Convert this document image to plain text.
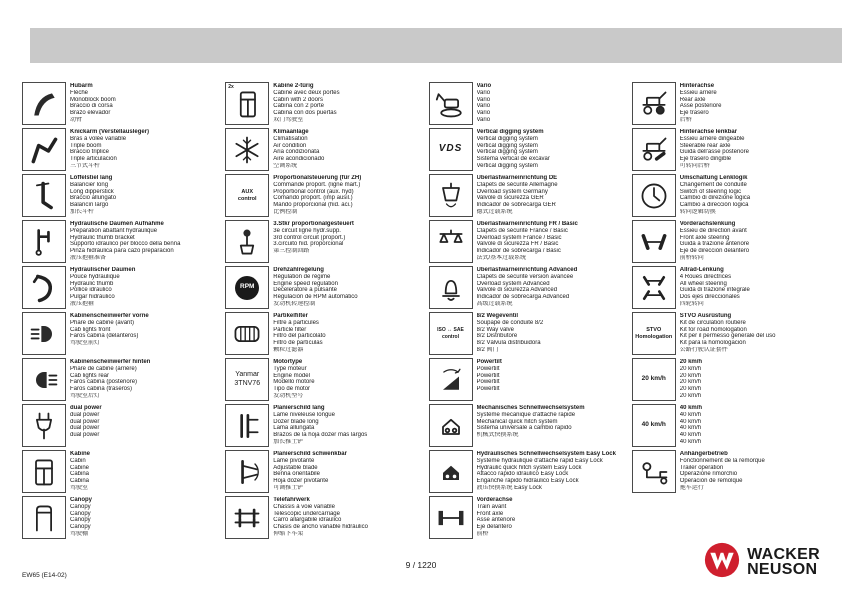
Hubarm
Flèche
Monoblock boom
Braccio di corsa
Brazo elevador
动臂
Knickarm (Verstellausleger)
Bras à volée variable
Triple boom
Braccio triplice
Triple articulación
三节式斗杆
Löffelstiel lang
Balancier long
Long dipperstick
Braccio allungato
Balancín largo
加长斗杆
Hydraulische Daumen Aufnahme
Préparation abattant hydraulique
Hydraulic thumb bracket
Supporto idraulico per blocco della benna
Pinza hidráulica para cazo preparación
液压抱箍准备
Hydraulischer Daumen
Pouce hydraulique
Hydraulic thumb
Pollice idraulico
Pulgar hidráulico
液压抱箍
Kabinenscheinwerfer vorne
Phare de cabine (avant)
Cab lights front
Faros cabina (delanteros)
驾驶室前灯
Kabinenscheinwerfer hinten
Phare de cabine (arrière)
Cab lights rear
Faros cabina (posteriore)
Faros cabina (traseros)
驾驶室后灯
dual power
dual power
dual power
dual power
dual power
Kabine
Cabin
Cabine
Cabina
Cabina
驾驶室
Canopy
Canopy
Canopy
Canopy
Canopy
驾驶棚
2x	Kabine 2-türig
Cabine avec deux portes
Cabin with 2 doors
Cabina con 2 porte
Cabina con dos puertas
双门驾驶室
Klimaanlage
Climatisation
Air condition
Aria condizionata
Aire acondicionado
空调系统
AUX
control
Proportionalsteuerung (für ZH)
Commande proport. (ligne mart.)
Proportional control (aux. hyd)
Comando proport. (imp ausil.)
Mando proporcional (hid. aci.)
比例控制
3.Stkr proportionalgesteuert
3e circuit ligne hydr.supp.
3rd control circuit (proport.)
3.circuito hid. proporcional
第三控制回路
RPM
Drehzahlregelung
Régulation de régime
Engine speed regulation
Deceleratore a pulsante
Regulación de RPM automático
发动机转速控制
Partikelfilter
Filtre à particules
Particle filter
Filtro del particolato
Filtro de partículas
颗粒过滤器
Yanmar
3TNV76
Motortype
Type moteur
Engine model
Modello motore
Tipo de motor
发动机型号
Planierschild lang
Lame niveleuse longue
Dozer blade long
Lama allungata
Brazos de la hoja dozer más largos
加长推土铲
Planierschild schwenkbar
Lame pivotante
Adjustable blade
Benna orientabile
Hoja dozer pivotante
可调推土铲
Telefahrwerk
Chassis à voie variable
Telescopic undercarriage
Carro allargabile idraulico
Chasis de ancho variable hidráulico
伸缩下车架
Vario
Vario
Vario
Vario
Vario
Vario
VDS
Vertical digging system
Vertical digging system
Vertical digging system
Vertical digging system
Sistema vertical de excavar
Vertical digging system
Überlastwarneinrichtung DE
Clapets de sécurité Allemagne
Overload system Germany
Valvole di sicurezza GER
Indicador de sobrecarga GER
德式过载系统
Überlastwarneinrichtung FR / Basic
Clapets de sécurité France / Basic
Overload system France / Basic
Valvole di sicurezza FR / Basic
Indicador de sobrecarga / Basic
法式/基本过载系统
Überlastwarneinrichtung Advanced
Clapets de sécurité version avancée
Overload system Advanced
Valvole di sicurezza Advanced
Indicador de sobrecarga Advanced
高级过载系统
ISO ↔ SAE
control
8/2 Wegeventil
Soupape de conduite 8/2
8/2 Way valve
8/2 Distributore
8/2 Válvula distribuidora
8/2 阀门
Powertilt
Powertilt
Powertilt
Powertilt
Powertilt
Mechanisches Schnellwechselsystem
Système mecanique d'attache rapide
Mechanical quick hitch system
Sistema universale a cambio rapido
机械式快换系统
Hydraulisches Schnellwechselsystem Easy Lock
Système hydraulique d'attache rapid Easy Lock
Hydraulic quick hitch system Easy Lock
Attacco rapido idraulico Easy Lock
Enganche rápido hidráulico Easy Lock
液压快换系统 Easy Lock
Vorderachse
Train avant
Front axle
Asse anteriore
Eje delantero
前桥
Hinterachse
Essieu arrière
Rear axle
Asse posteriore
Eje trasero
后桥
Hinterachse lenkbar
Essieu arrière dirigeable
Steerable rear axle
Guida dell'asse posteriore
Eje trasero dirigible
可转向后桥
Umschaltung Lenklogik
Changement de conduite
Switch of steering logic
Cambio di direzione logica
Cambio a dirección logica
转向逻辑切换
Vorderachslenkung
Essieu de direction avant
Front axle steering
Guida a trazione anteriore
Eje de dirección delantero
前桥转向
Allrad-Lenkung
4 Roues directrices
All wheel steering
Guida di trazione integrale
Dos ejes direccionales
四轮转向
STVO
Homologation
STVO Ausrüstung
Kit de circulation routière
Kit for road homologation
Kit per il permesso generale del uso
Kit para la homologación
公路行驶认证套件
20 km/h
20 km/h
20 km/h
20 km/h
20 km/h
20 km/h
20 km/h
40 km/h
40 km/h
40 km/h
40 km/h
40 km/h
40 km/h
40 km/h
Anhängerbetrieb
Fonctionnement de la remorque
Trailer operation
Operazione rimorchio
Operación de remolque
拖车运行
EW65 (E14-02)
9 / 1220
WACKER
NEUSON
